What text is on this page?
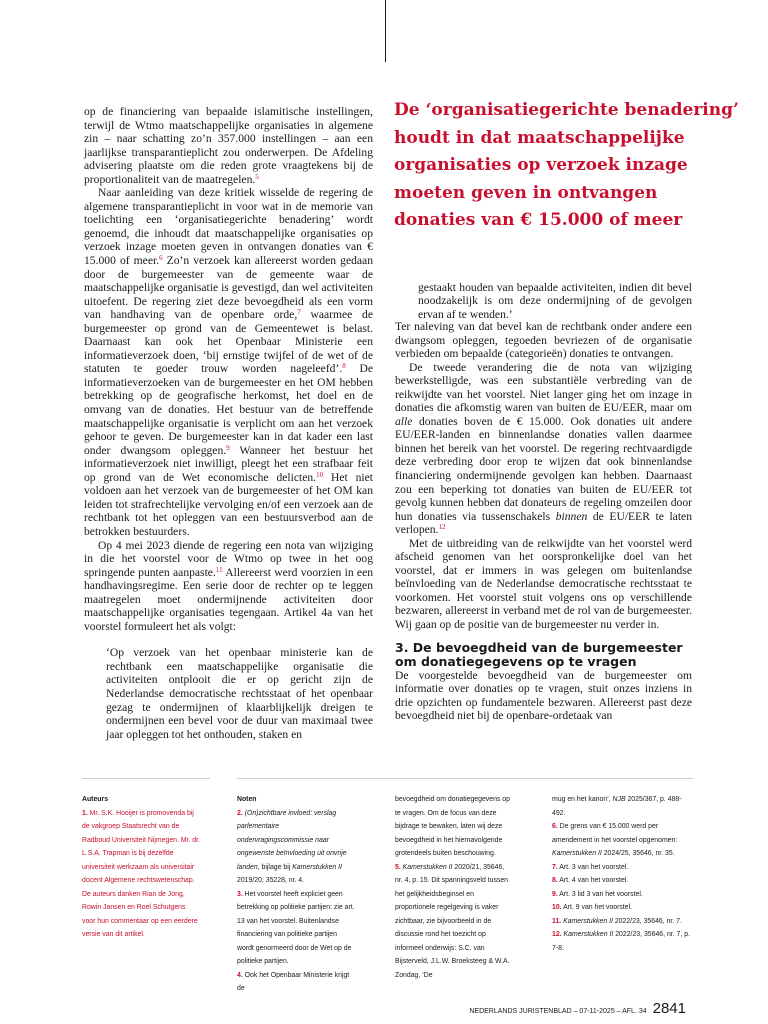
op de financiering van bepaalde islamitische instellingen, terwijl de Wtmo maatschappelijke organisaties in algemene zin – naar schatting zo’n 357.000 instellingen – aan een jaarlijkse transparantieplicht zou onderwerpen. De Afdeling advisering plaatste om die reden grote vraagtekens bij de proportionaliteit van de maatregelen.$^5$

Naar aanleiding van deze kritiek wisselde de regering de algemene transparantieplicht in voor wat in de memorie van toelichting een ‘organisatiegerichte benadering’ wordt genoemd, die inhoudt dat maatschappelijke organisaties op verzoek inzage moeten geven in ontvangen donaties van € 15.000 of meer.$^6$ Zo’n verzoek kan allereerst worden gedaan door de burgemeester van de gemeente waar de maatschappelijke organisatie is gevestigd, dan wel activiteiten uitoefent. De regering ziet deze bevoegdheid als een vorm van handhaving van de openbare orde,$^7$ waarmee de burgemeester op grond van de Gemeentewet is belast. Daarnaast kan ook het Openbaar Ministerie een informatieverzoek doen, ‘bij ernstige twijfel of de wet of de statuten te goeder trouw worden nageleefd’.$^8$ De informatieverzoeken van de burgemeester en het OM hebben betrekking op de geografische herkomst, het doel en de omvang van de donaties. Het bestuur van de betreffende maatschappelijke organisatie is verplicht om aan het verzoek gehoor te geven. De burgemeester kan in dat kader een last onder dwangsom opleggen.$^9$ Wanneer het bestuur het informatieverzoek niet inwilligt, pleegt het een strafbaar feit op grond van de Wet economische delicten.$^{10}$ Het niet voldoen aan het verzoek van de burgemeester of het OM kan leiden tot strafrechtelijke vervolging en/of een verzoek aan de rechtbank tot het opleggen van een bestuursverbod aan de betrokken bestuurders.

Op 4 mei 2023 diende de regering een nota van wijziging in die het voorstel voor de Wtmo op twee in het oog springende punten aanpaste.$^{11}$ Allereerst werd voorzien in een handhavingsregime. Een serie door de rechter op te leggen maatregelen moet ondermijnende activiteiten door maatschappelijke organisaties tegengaan. Artikel 4a van het voorstel formuleert het als volgt:

‘Op verzoek van het openbaar ministerie kan de rechtbank een maatschappelijke organisatie die activiteiten ontplooit die er op gericht zijn de Nederlandse democratische rechtsstaat of het openbaar gezag te ondermijnen of klaarblijkelijk dreigen te ondermijnen een bevel voor de duur van maximaal twee jaar opleggen tot het onthouden, staken en

De ‘organisatiegerichte benadering’ houdt in dat maatschappelijke organisaties op verzoek inzage moeten geven in ontvangen donaties van € 15.000 of meer

gestaakt houden van bepaalde activiteiten, indien dit bevel noodzakelijk is om deze ondermijning of de gevolgen ervan af te wenden.’

Ter naleving van dat bevel kan de rechtbank onder andere een dwangsom opleggen, tegoeden bevriezen of de organisatie verbieden om bepaalde (categorieën) donaties te ontvangen.

De tweede verandering die de nota van wijziging bewerkstelligde, was een substantiële verbreding van de reikwijdte van het voorstel. Niet langer ging het om inzage in donaties die afkomstig waren van buiten de EU/EER, maar om alle donaties boven de € 15.000. Ook donaties uit andere EU/EER-landen en binnenlandse donaties vallen daarmee binnen het bereik van het voorstel. De regering rechtvaardigde deze verbreding door erop te wijzen dat ook binnenlandse financiering ondermijnende gevolgen kan hebben. Daarnaast zou een beperking tot donaties van buiten de EU/EER tot gevolg kunnen hebben dat donateurs de regeling omzeilen door hun donaties via tussenschakels binnen de EU/EER te laten verlopen.$^{12}$

Met de uitbreiding van de reikwijdte van het voorstel werd afscheid genomen van het oorspronkelijke doel van het voorstel, dat er immers in was gelegen om buitenlandse beïnvloeding van de Nederlandse democratische rechtsstaat te voorkomen. Het voorstel stuit volgens ons op verschillende bezwaren, allereerst in verband met de rol van de burgemeester. Wij gaan op de positie van de burgemeester nu verder in.

3. De bevoegdheid van de burgemeester om donatiegegevens op te vragen

De voorgestelde bevoegdheid van de burgemeester om informatie over donaties op te vragen, stuit onzes inziens in drie opzichten op fundamentele bezwaren. Allereerst past deze bevoegdheid niet bij de openbare-ordetaak van

Auteurs

1. Mr. S.K. Hooijer is promovenda bij de vakgroep Staatsrecht van de Radboud Universiteit Nijmegen. Mr. dr. L.S.A. Trapman is bij dezelfde universiteit werkzaam als universitair docent Algemene rechtswetenschap. De auteurs danken Rian de Jong, Rowin Jansen en Roel Schutgens voor hun commentaar op een eerdere versie van dit artikel.

Noten

2. (On)zichtbare invloed: verslag parlementaire ondervragingscommissie naar ongewenste beïnvloeding uit onvrije landen, bijlage bij Kamerstukken II 2019/20, 35228, nr. 4.

3. Het voorstel heeft expliciet geen betrekking op politieke partijen: zie art. 13 van het voorstel. Buitenlandse financiering van politieke partijen wordt genormeerd door de Wet op de politieke partijen.

4. Ook het Openbaar Ministerie krijgt de

bevoegdheid om donatiegegevens op te vragen. Om de focus van deze bijdrage te bewaken, laten wij deze bevoegdheid in het hiernavolgende grotendeels buiten beschouwing.

5. Kamerstukken II 2020/21, 35646, nr. 4, p. 15. Dit spanningsveld tussen het gelijkheidsbeginsel en proportionele regelgeving is vaker zichtbaar, zie bijvoorbeeld in de discussie rond het toezicht op informeel onderwijs: S.C. van Bijsterveld, J.L.W. Broeksteeg & W.A. Zondag, ‘De

mug en het kanon’, NJB 2025/367, p. 488-492.

6. De grens van € 15.000 werd per amendement in het voorstel opgenomen: Kamerstukken II 2024/25, 35646, nr. 35.

7. Art. 3 van het voorstel.

8. Art. 4 van het voorstel.

9. Art. 3 lid 3 van het voorstel.

10. Art. 9 van het voorstel.

11. Kamerstukken II 2022/23, 35646, nr. 7.

12. Kamerstukken II 2022/23, 35646, nr. 7, p. 7-8.

NEDERLANDS JURISTENBLAD – 07-11-2025 – AFL. 34 2841
